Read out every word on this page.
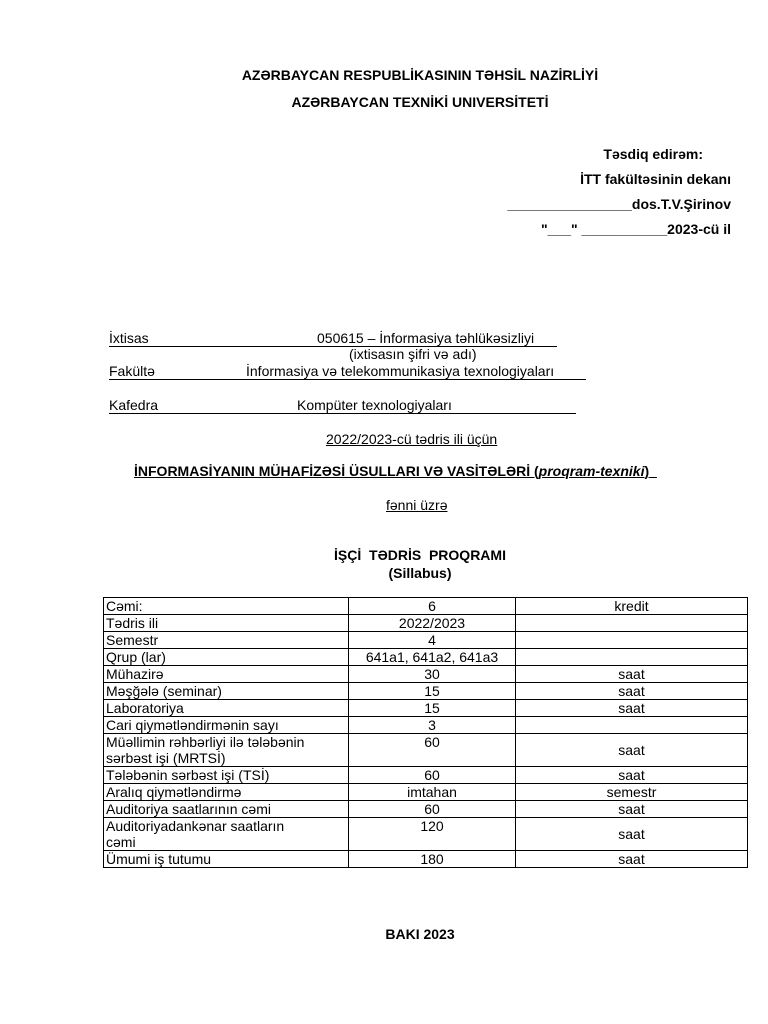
AZƏRBAYCAN RESPUBLİKASININ TƏHSİL NAZİRLİYİ
AZƏRBAYCAN TEXNİKİ UNIVERSİTETİ
Təsdiq edirəm:
İTT fakültəsinin dekanı
________________dos.T.V.Şirinov
"___" ___________2023-cü il
İxtisas	050615 – İnformasiya təhlükəsizliyi
(ixtisasın şifri və adı)
Fakültə	İnformasiya və telekommunikasiya texnologiyaları
Kafedra	Kompüter texnologiyaları
2022/2023-cü tədris ili üçün
İNFORMASİYANIN MÜHAFİZƏSİ ÜSULLARI VƏ VASİTƏLƏRİ (proqram-texniki)
fənni üzrə
İŞÇİ  TƏDRİS  PROQRAMI
(Sillabus)
Cəmi:	6	kredit
Tədris ili	2022/2023	
Semestr	4	
Qrup (lar)	641a1, 641a2, 641a3	
Mühazirə	30	saat
Məşğələ (seminar)	15	saat
Laboratoriya	15	saat
Cari qiymətləndirmənin sayı	3	
Müəllimin rəhbərliyi ilə tələbənin
sərbəst işi (MRTSİ)	60	saat
Tələbənin sərbəst işi (TSİ)	60	saat
Aralıq qiymətləndirmə	imtahan	semestr
Auditoriya saatlarının cəmi	60	saat
Auditoriyadankənar saatların
cəmi	120	saat
Ümumi iş tutumu	180	saat
BAKI 2023
